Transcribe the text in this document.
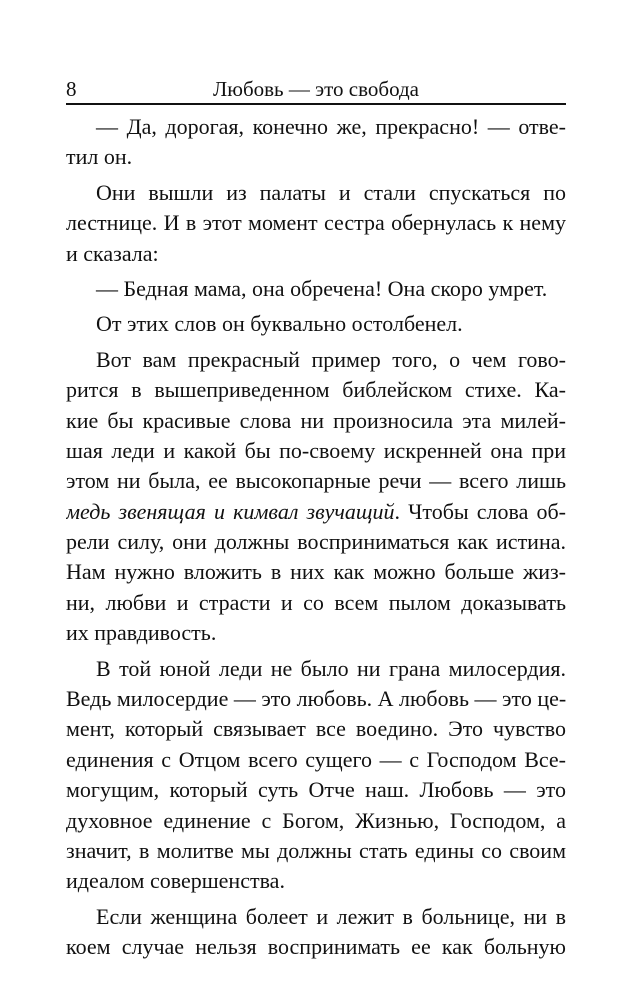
8	Любовь — это свобода
— Да, дорогая, конечно же, прекрасно! — отве-
тил он.
Они вышли из палаты и стали спускаться по
лестнице. И в этот момент сестра обернулась к нему
и сказала:
— Бедная мама, она обречена! Она скоро умрет.
От этих слов он буквально остолбенел.
Вот вам прекрасный пример того, о чем гово-
рится в вышеприведенном библейском стихе. Ка-
кие бы красивые слова ни произносила эта милей-
шая леди и какой бы по-своему искренней она при
этом ни была, ее высокопарные речи — всего лишь
медь звенящая и кимвал звучащий. Чтобы слова об-
рели силу, они должны восприниматься как истина.
Нам нужно вложить в них как можно больше жиз-
ни, любви и страсти и со всем пылом доказывать
их правдивость.
В той юной леди не было ни грана милосердия.
Ведь милосердие — это любовь. А любовь — это це-
мент, который связывает все воедино. Это чувство
единения с Отцом всего сущего — с Господом Все-
могущим, который суть Отче наш. Любовь — это
духовное единение с Богом, Жизнью, Господом, а
значит, в молитве мы должны стать едины со своим
идеалом совершенства.
Если женщина болеет и лежит в больнице, ни в
коем случае нельзя воспринимать ее как больную
